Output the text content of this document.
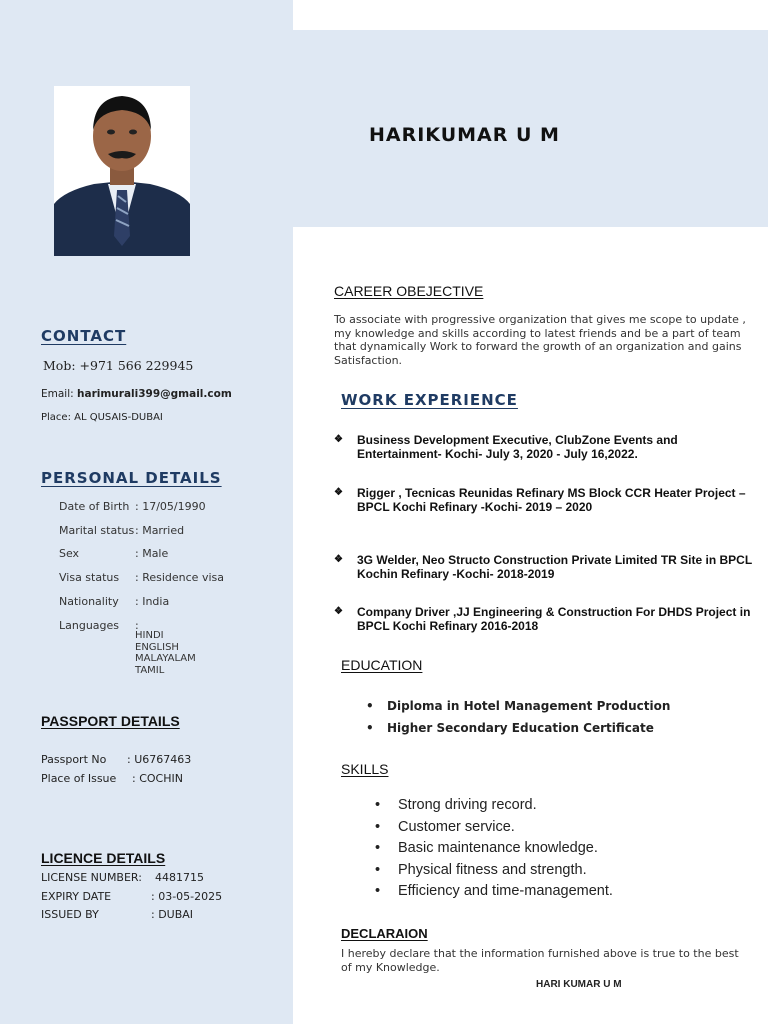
HARIKUMAR U M
CONTACT
Mob: +971 566 229945
Email: harimurali399@gmail.com
Place: AL QUSAIS-DUBAI
PERSONAL DETAILS
Date of Birth : 17/05/1990
Marital status: Married
Sex	: Male
Visa status : Residence visa
Nationality : India
Languages :
HINDI
ENGLISH
MALAYALAM
TAMIL
PASSPORT DETAILS
Passport No : U6767463
Place of Issue : COCHIN
LICENCE DETAILS
LICENSE NUMBER: 4481715
EXPIRY DATE	: 03-05-2025
ISSUED BY	: DUBAI
CAREER OBEJECTIVE
To associate with progressive organization that gives me scope to update , my knowledge and skills according to latest friends and be a part of team that dynamically Work to forward the growth of an organization and gains Satisfaction.
WORK EXPERIENCE
❖	Business Development Executive, ClubZone Events and Entertainment- Kochi- July 3, 2020 - July 16,2022.
❖	Rigger , Tecnicas Reunidas Refinary MS Block CCR Heater Project – BPCL Kochi Refinary -Kochi- 2019 – 2020
❖	3G Welder, Neo Structo Construction Private Limited TR Site in BPCL Kochin Refinary -Kochi- 2018-2019
❖	Company Driver ,JJ Engineering & Construction For DHDS Project in BPCL Kochi Refinary 2016-2018
EDUCATION
• Diploma in Hotel Management Production
• Higher Secondary Education Certificate
SKILLS
• Strong driving record.
• Customer service.
• Basic maintenance knowledge.
• Physical fitness and strength.
• Efficiency and time-management.
DECLARAION
I hereby declare that the information furnished above is true to the best of my Knowledge.
HARI KUMAR U M
